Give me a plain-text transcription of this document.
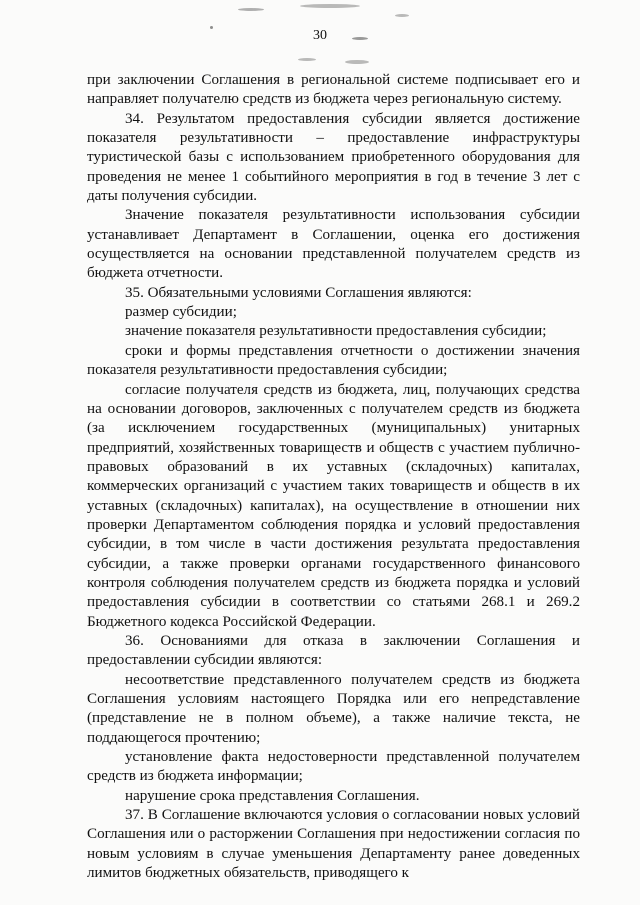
30

при заключении Соглашения в региональной системе подписывает его и направляет получателю средств из бюджета через региональную систему.

34. Результатом предоставления субсидии является достижение показателя результативности – предоставление инфраструктуры туристической базы с использованием приобретенного оборудования для проведения не менее 1 событийного мероприятия в год в течение 3 лет с даты получения субсидии.

Значение показателя результативности использования субсидии устанавливает Департамент в Соглашении, оценка его достижения осуществляется на основании представленной получателем средств из бюджета отчетности.

35. Обязательными условиями Соглашения являются:

размер субсидии;

значение показателя результативности предоставления субсидии;

сроки и формы представления отчетности о достижении значения показателя результативности предоставления субсидии;

согласие получателя средств из бюджета, лиц, получающих средства на основании договоров, заключенных с получателем средств из бюджета (за исключением государственных (муниципальных) унитарных предприятий, хозяйственных товариществ и обществ с участием публично-правовых образований в их уставных (складочных) капиталах, коммерческих организаций с участием таких товариществ и обществ в их уставных (складочных) капиталах), на осуществление в отношении них проверки Департаментом соблюдения порядка и условий предоставления субсидии, в том числе в части достижения результата предоставления субсидии, а также проверки органами государственного финансового контроля соблюдения получателем средств из бюджета порядка и условий предоставления субсидии в соответствии со статьями 268.1 и 269.2 Бюджетного кодекса Российской Федерации.

36. Основаниями для отказа в заключении Соглашения и предоставлении субсидии являются:

несоответствие представленного получателем средств из бюджета Соглашения условиям настоящего Порядка или его непредставление (представление не в полном объеме), а также наличие текста, не поддающегося прочтению;

установление факта недостоверности представленной получателем средств из бюджета информации;

нарушение срока представления Соглашения.

37. В Соглашение включаются условия о согласовании новых условий Соглашения или о расторжении Соглашения при недостижении согласия по новым условиям в случае уменьшения Департаменту ранее доведенных лимитов бюджетных обязательств, приводящего к
